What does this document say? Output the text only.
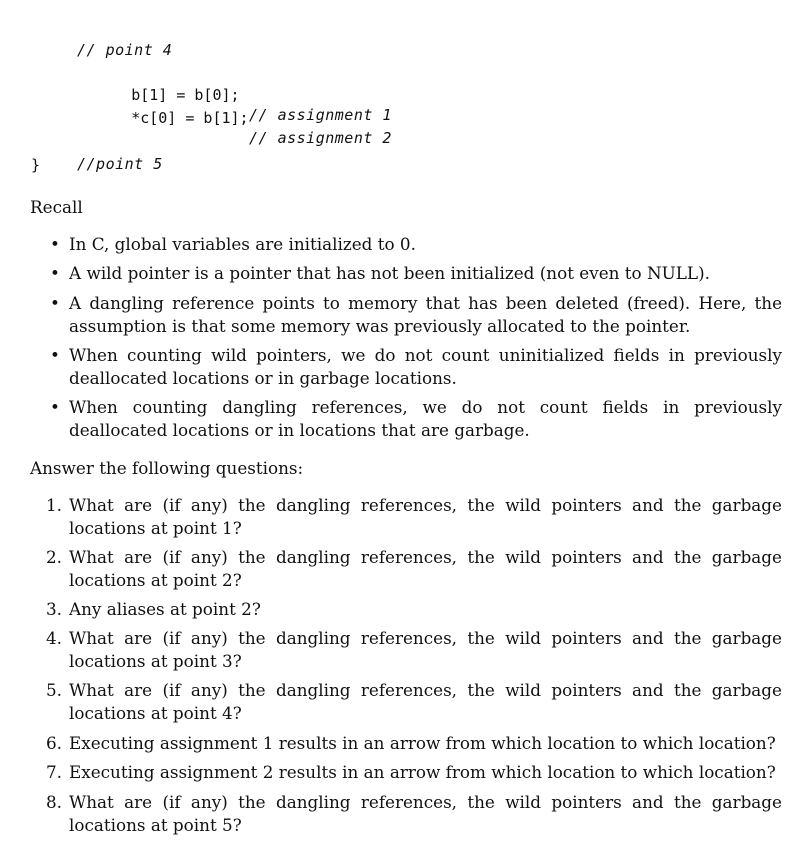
// point 4

b[1] = b[0];

// assignment 1

*c[0] = b[1];

// assignment 2

//point 5

}
Recall
• In C, global variables are initialized to 0.
• A wild pointer is a pointer that has not been initialized (not even to NULL).
• A dangling reference points to memory that has been deleted (freed). Here, the assumption is that some memory was previously allocated to the pointer.
• When counting wild pointers, we do not count uninitialized fields in previously deallocated locations or in garbage locations.
• When counting dangling references, we do not count fields in previously deallocated locations or in locations that are garbage.
Answer the following questions:
1. What are (if any) the dangling references, the wild pointers and the garbage locations at point 1?
2. What are (if any) the dangling references, the wild pointers and the garbage locations at point 2?
3. Any aliases at point 2?
4. What are (if any) the dangling references, the wild pointers and the garbage locations at point 3?
5. What are (if any) the dangling references, the wild pointers and the garbage locations at point 4?
6. Executing assignment 1 results in an arrow from which location to which location?
7. Executing assignment 2 results in an arrow from which location to which location?
8. What are (if any) the dangling references, the wild pointers and the garbage locations at point 5?
